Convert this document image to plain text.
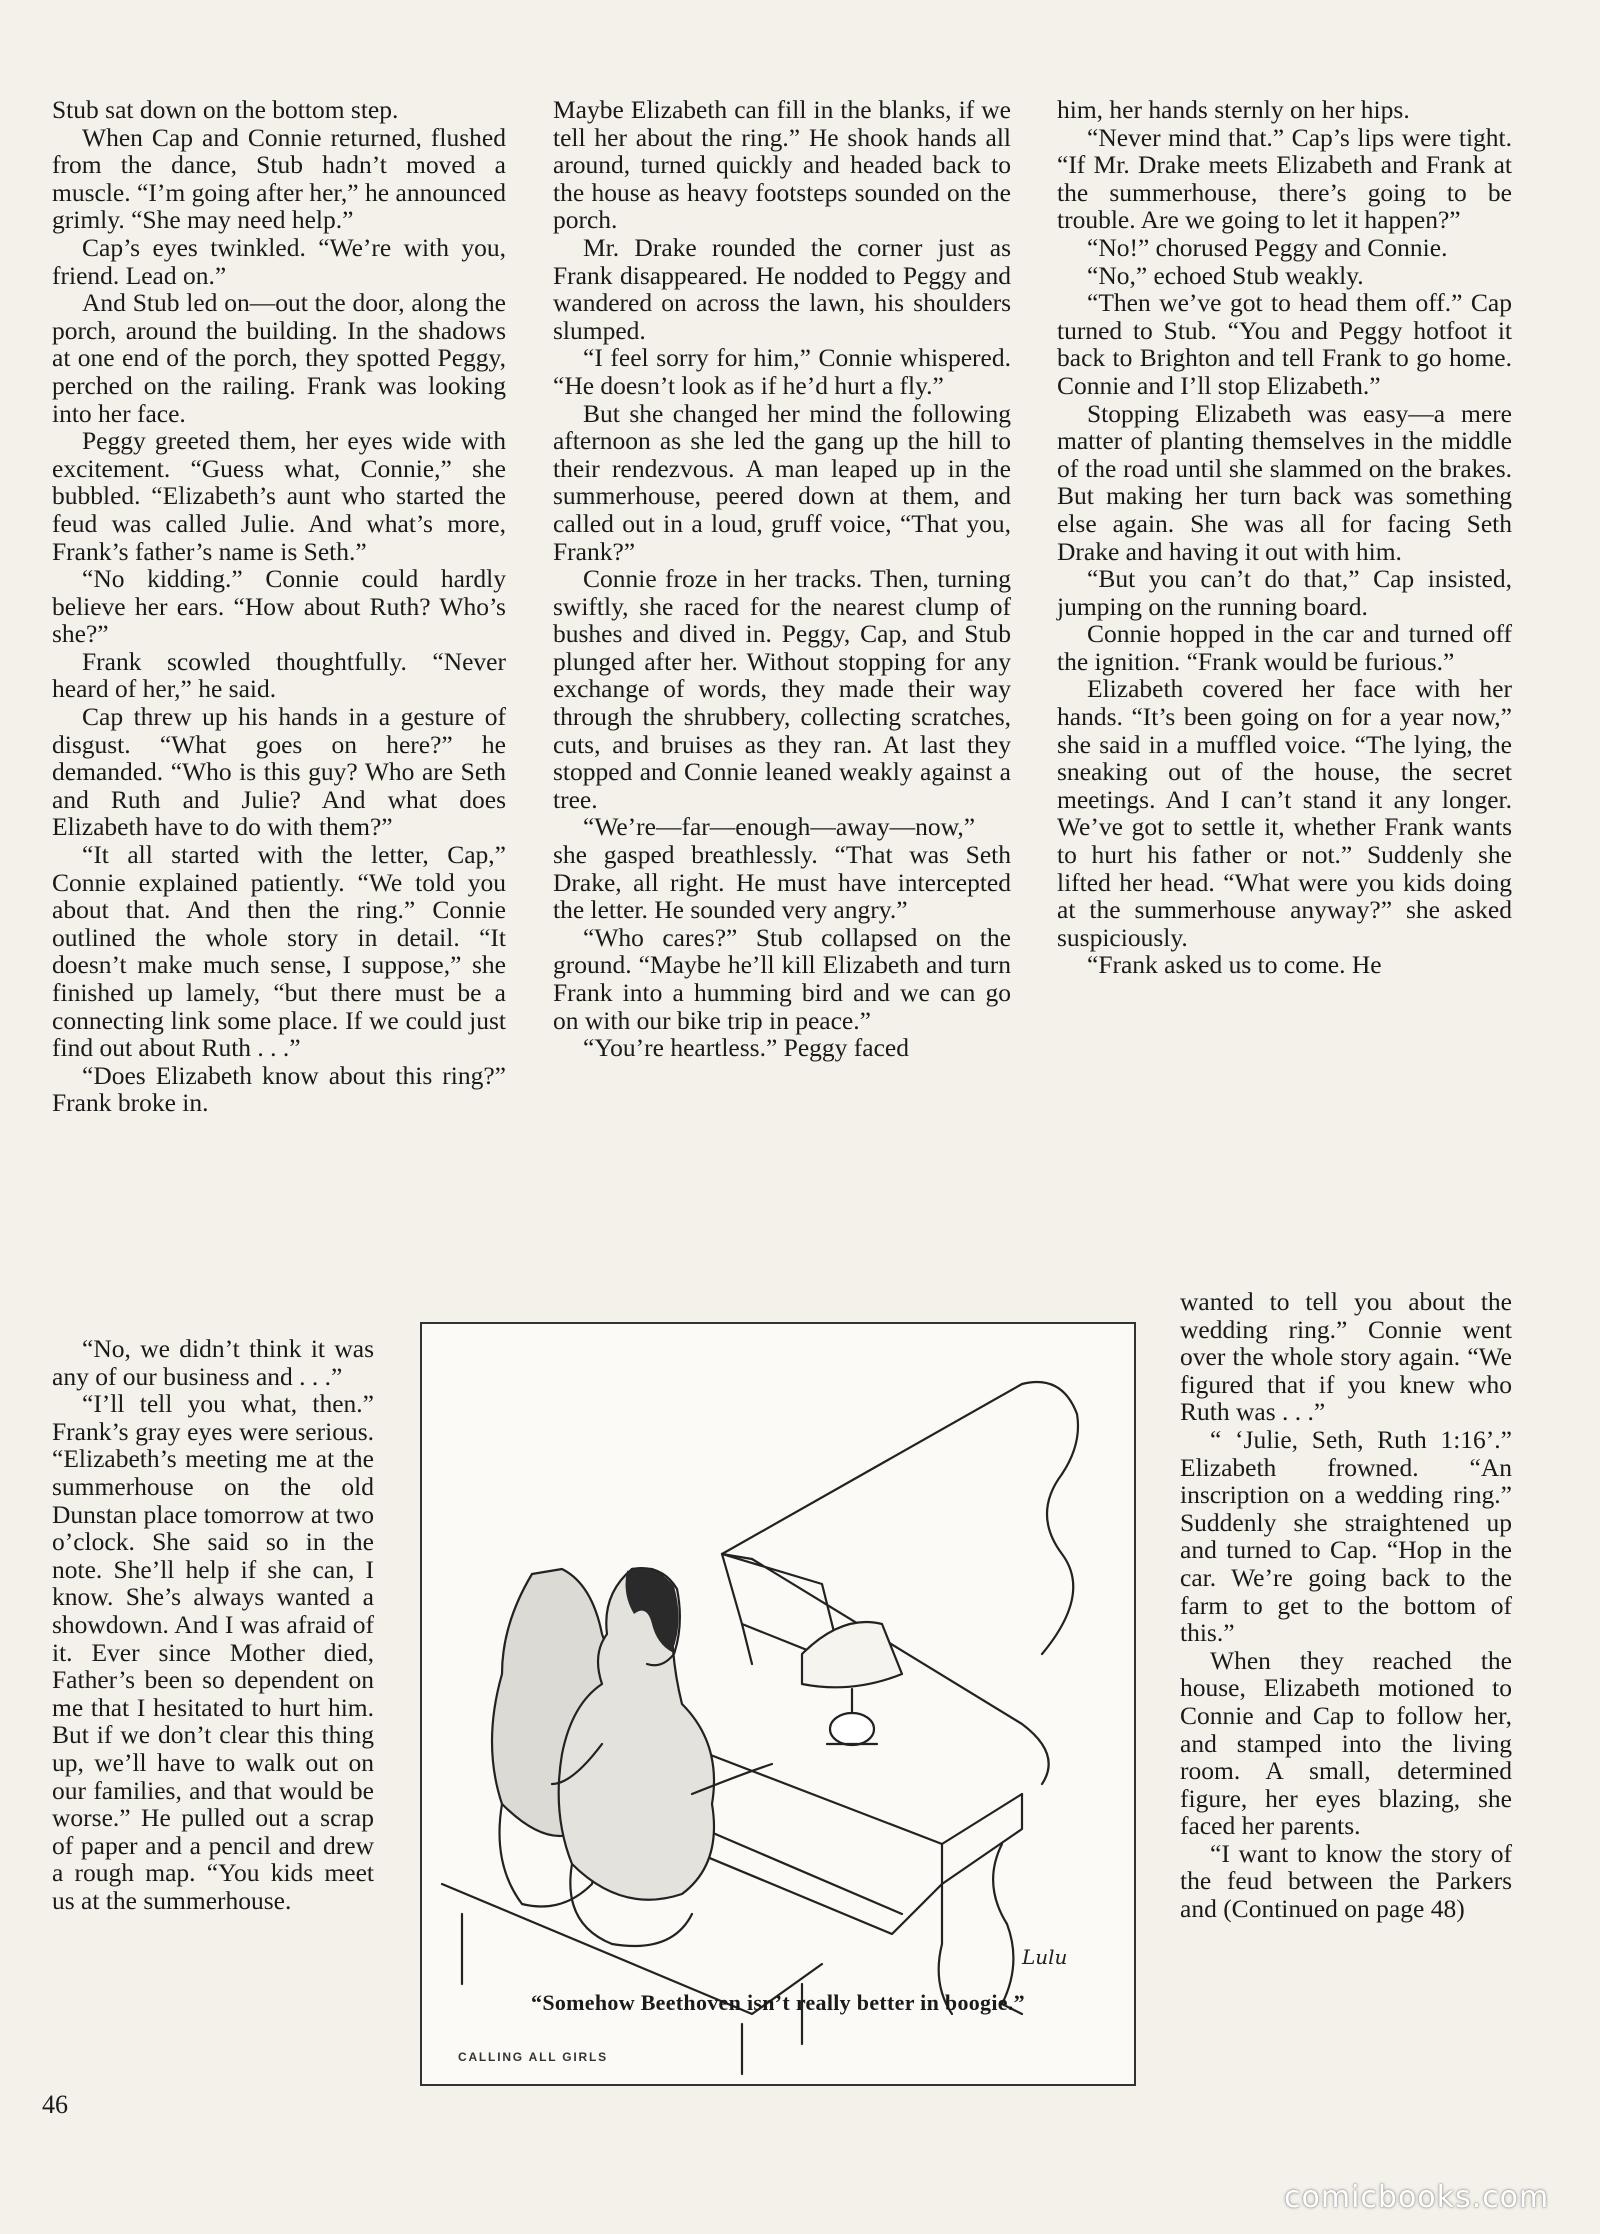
Stub sat down on the bottom step.

When Cap and Connie returned, flushed from the dance, Stub hadn’t moved a muscle. “I’m going after her,” he announced grimly. “She may need help.”

Cap’s eyes twinkled. “We’re with you, friend. Lead on.”

And Stub led on—out the door, along the porch, around the building. In the shadows at one end of the porch, they spotted Peggy, perched on the railing. Frank was looking into her face.

Peggy greeted them, her eyes wide with excitement. “Guess what, Connie,” she bubbled. “Elizabeth’s aunt who started the feud was called Julie. And what’s more, Frank’s father’s name is Seth.”

“No kidding.” Connie could hardly believe her ears. “How about Ruth? Who’s she?”

Frank scowled thoughtfully. “Never heard of her,” he said.

Cap threw up his hands in a gesture of disgust. “What goes on here?” he demanded. “Who is this guy? Who are Seth and Ruth and Julie? And what does Elizabeth have to do with them?”

“It all started with the letter, Cap,” Connie explained patiently. “We told you about that. And then the ring.” Connie outlined the whole story in detail. “It doesn’t make much sense, I suppose,” she finished up lamely, “but there must be a connecting link some place. If we could just find out about Ruth . . .”

“Does Elizabeth know about this ring?” Frank broke in.

“No, we didn’t think it was any of our business and . . .”

“I’ll tell you what, then.” Frank’s gray eyes were serious. “Elizabeth’s meeting me at the summerhouse on the old Dunstan place tomorrow at two o’clock. She said so in the note. She’ll help if she can, I know. She’s always wanted a showdown. And I was afraid of it. Ever since Mother died, Father’s been so dependent on me that I hesitated to hurt him. But if we don’t clear this thing up, we’ll have to walk out on our families, and that would be worse.” He pulled out a scrap of paper and a pencil and drew a rough map. “You kids meet us at the summerhouse.

Maybe Elizabeth can fill in the blanks, if we tell her about the ring.” He shook hands all around, turned quickly and headed back to the house as heavy footsteps sounded on the porch.

Mr. Drake rounded the corner just as Frank disappeared. He nodded to Peggy and wandered on across the lawn, his shoulders slumped.

“I feel sorry for him,” Connie whispered. “He doesn’t look as if he’d hurt a fly.”

But she changed her mind the following afternoon as she led the gang up the hill to their rendezvous. A man leaped up in the summerhouse, peered down at them, and called out in a loud, gruff voice, “That you, Frank?”

Connie froze in her tracks. Then, turning swiftly, she raced for the nearest clump of bushes and dived in. Peggy, Cap, and Stub plunged after her. Without stopping for any exchange of words, they made their way through the shrubbery, collecting scratches, cuts, and bruises as they ran. At last they stopped and Connie leaned weakly against a tree.

“We’re—far—enough—away—now,” she gasped breathlessly. “That was Seth Drake, all right. He must have intercepted the letter. He sounded very angry.”

“Who cares?” Stub collapsed on the ground. “Maybe he’ll kill Elizabeth and turn Frank into a humming bird and we can go on with our bike trip in peace.”

“You’re heartless.” Peggy faced

him, her hands sternly on her hips.

“Never mind that.” Cap’s lips were tight. “If Mr. Drake meets Elizabeth and Frank at the summerhouse, there’s going to be trouble. Are we going to let it happen?”

“No!” chorused Peggy and Connie.

“No,” echoed Stub weakly.

“Then we’ve got to head them off.” Cap turned to Stub. “You and Peggy hotfoot it back to Brighton and tell Frank to go home. Connie and I’ll stop Elizabeth.”

Stopping Elizabeth was easy—a mere matter of planting themselves in the middle of the road until she slammed on the brakes. But making her turn back was something else again. She was all for facing Seth Drake and having it out with him.

“But you can’t do that,” Cap insisted, jumping on the running board.

Connie hopped in the car and turned off the ignition. “Frank would be furious.”

Elizabeth covered her face with her hands. “It’s been going on for a year now,” she said in a muffled voice. “The lying, the sneaking out of the house, the secret meetings. And I can’t stand it any longer. We’ve got to settle it, whether Frank wants to hurt his father or not.” Suddenly she lifted her head. “What were you kids doing at the summerhouse anyway?” she asked suspiciously.

“Frank asked us to come. He

wanted to tell you about the wedding ring.” Connie went over the whole story again. “We figured that if you knew who Ruth was . . .”

“ ‘Julie, Seth, Ruth 1:16’.” Elizabeth frowned. “An inscription on a wedding ring.” Suddenly she straightened up and turned to Cap. “Hop in the car. We’re going back to the farm to get to the bottom of this.”

When they reached the house, Elizabeth motioned to Connie and Cap to follow her, and stamped into the living room. A small, determined figure, her eyes blazing, she faced her parents.

“I want to know the story of the feud between the Parkers and (Continued on page 48)

Lulu
“Somehow Beethoven isn’t really better in boogie.”
CALLING ALL GIRLS
46
comicbooks.com
